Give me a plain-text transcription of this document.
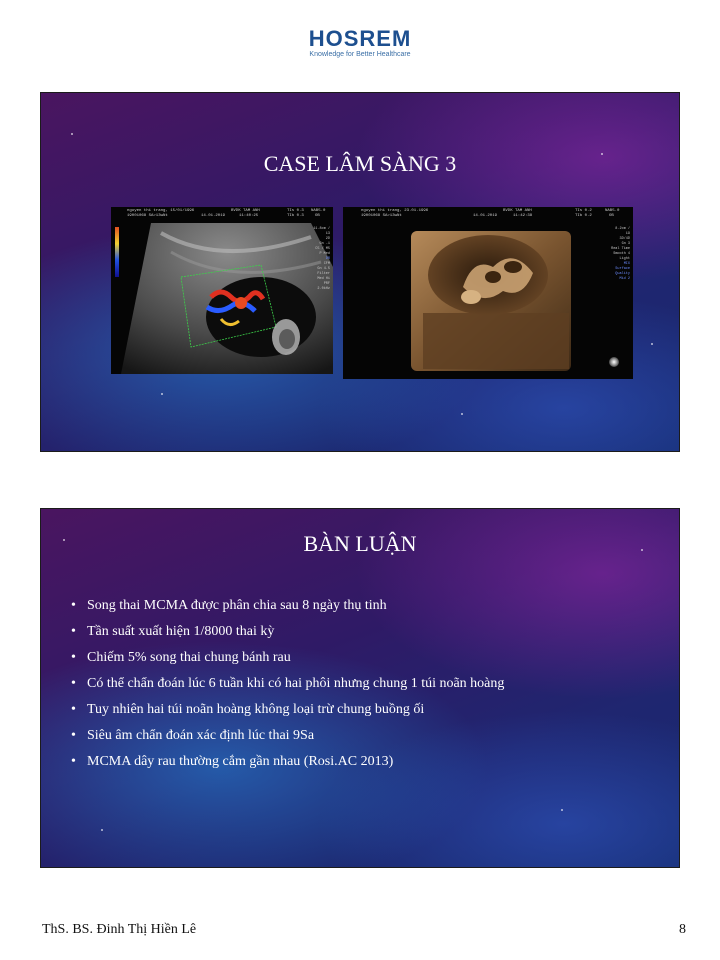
HOSREM
Knowledge for Better Healthcare
CASE LÂM SÀNG 3
nguyen thi trang, 15/01/1996	BVDK TAM ANH	TIs 0.3 NAB5.0
19001068 SA>13wNt	14.01.2019	11:40:25	TIb 0.3	OB
11.8cm / 13
2D
Gn -1
C5 / M5
P Med
DR
CFM
Gn 4.5
Filter
Med Hi
PRF 2.0kHz
nguyen thi trang, 23.01.1996	BVDK TAM ANH	TIs 0.2	NAB5.0
19001068 SA>13wNt	14.01.2019	11:42:38	TIb 0.2	OB
8.2cm / 19
3D/4D
Gn 3
Real Time
Smooth 4
Light
MIX Surface
Quality Mid 2
BÀN LUẬN
• Song thai MCMA được phân chia sau 8 ngày thụ tinh
• Tần suất xuất hiện 1/8000 thai kỳ
• Chiếm 5% song thai chung bánh rau
• Có thể chẩn đoán lúc 6 tuần khi có hai phôi nhưng chung 1 túi noãn hoàng
• Tuy nhiên hai túi noãn hoàng không loại trừ chung buồng ối
• Siêu âm chẩn đoán xác định lúc thai 9Sa
• MCMA dây rau thường cắm gần nhau (Rosi.AC 2013)
ThS. BS. Đinh Thị Hiền Lê	8
